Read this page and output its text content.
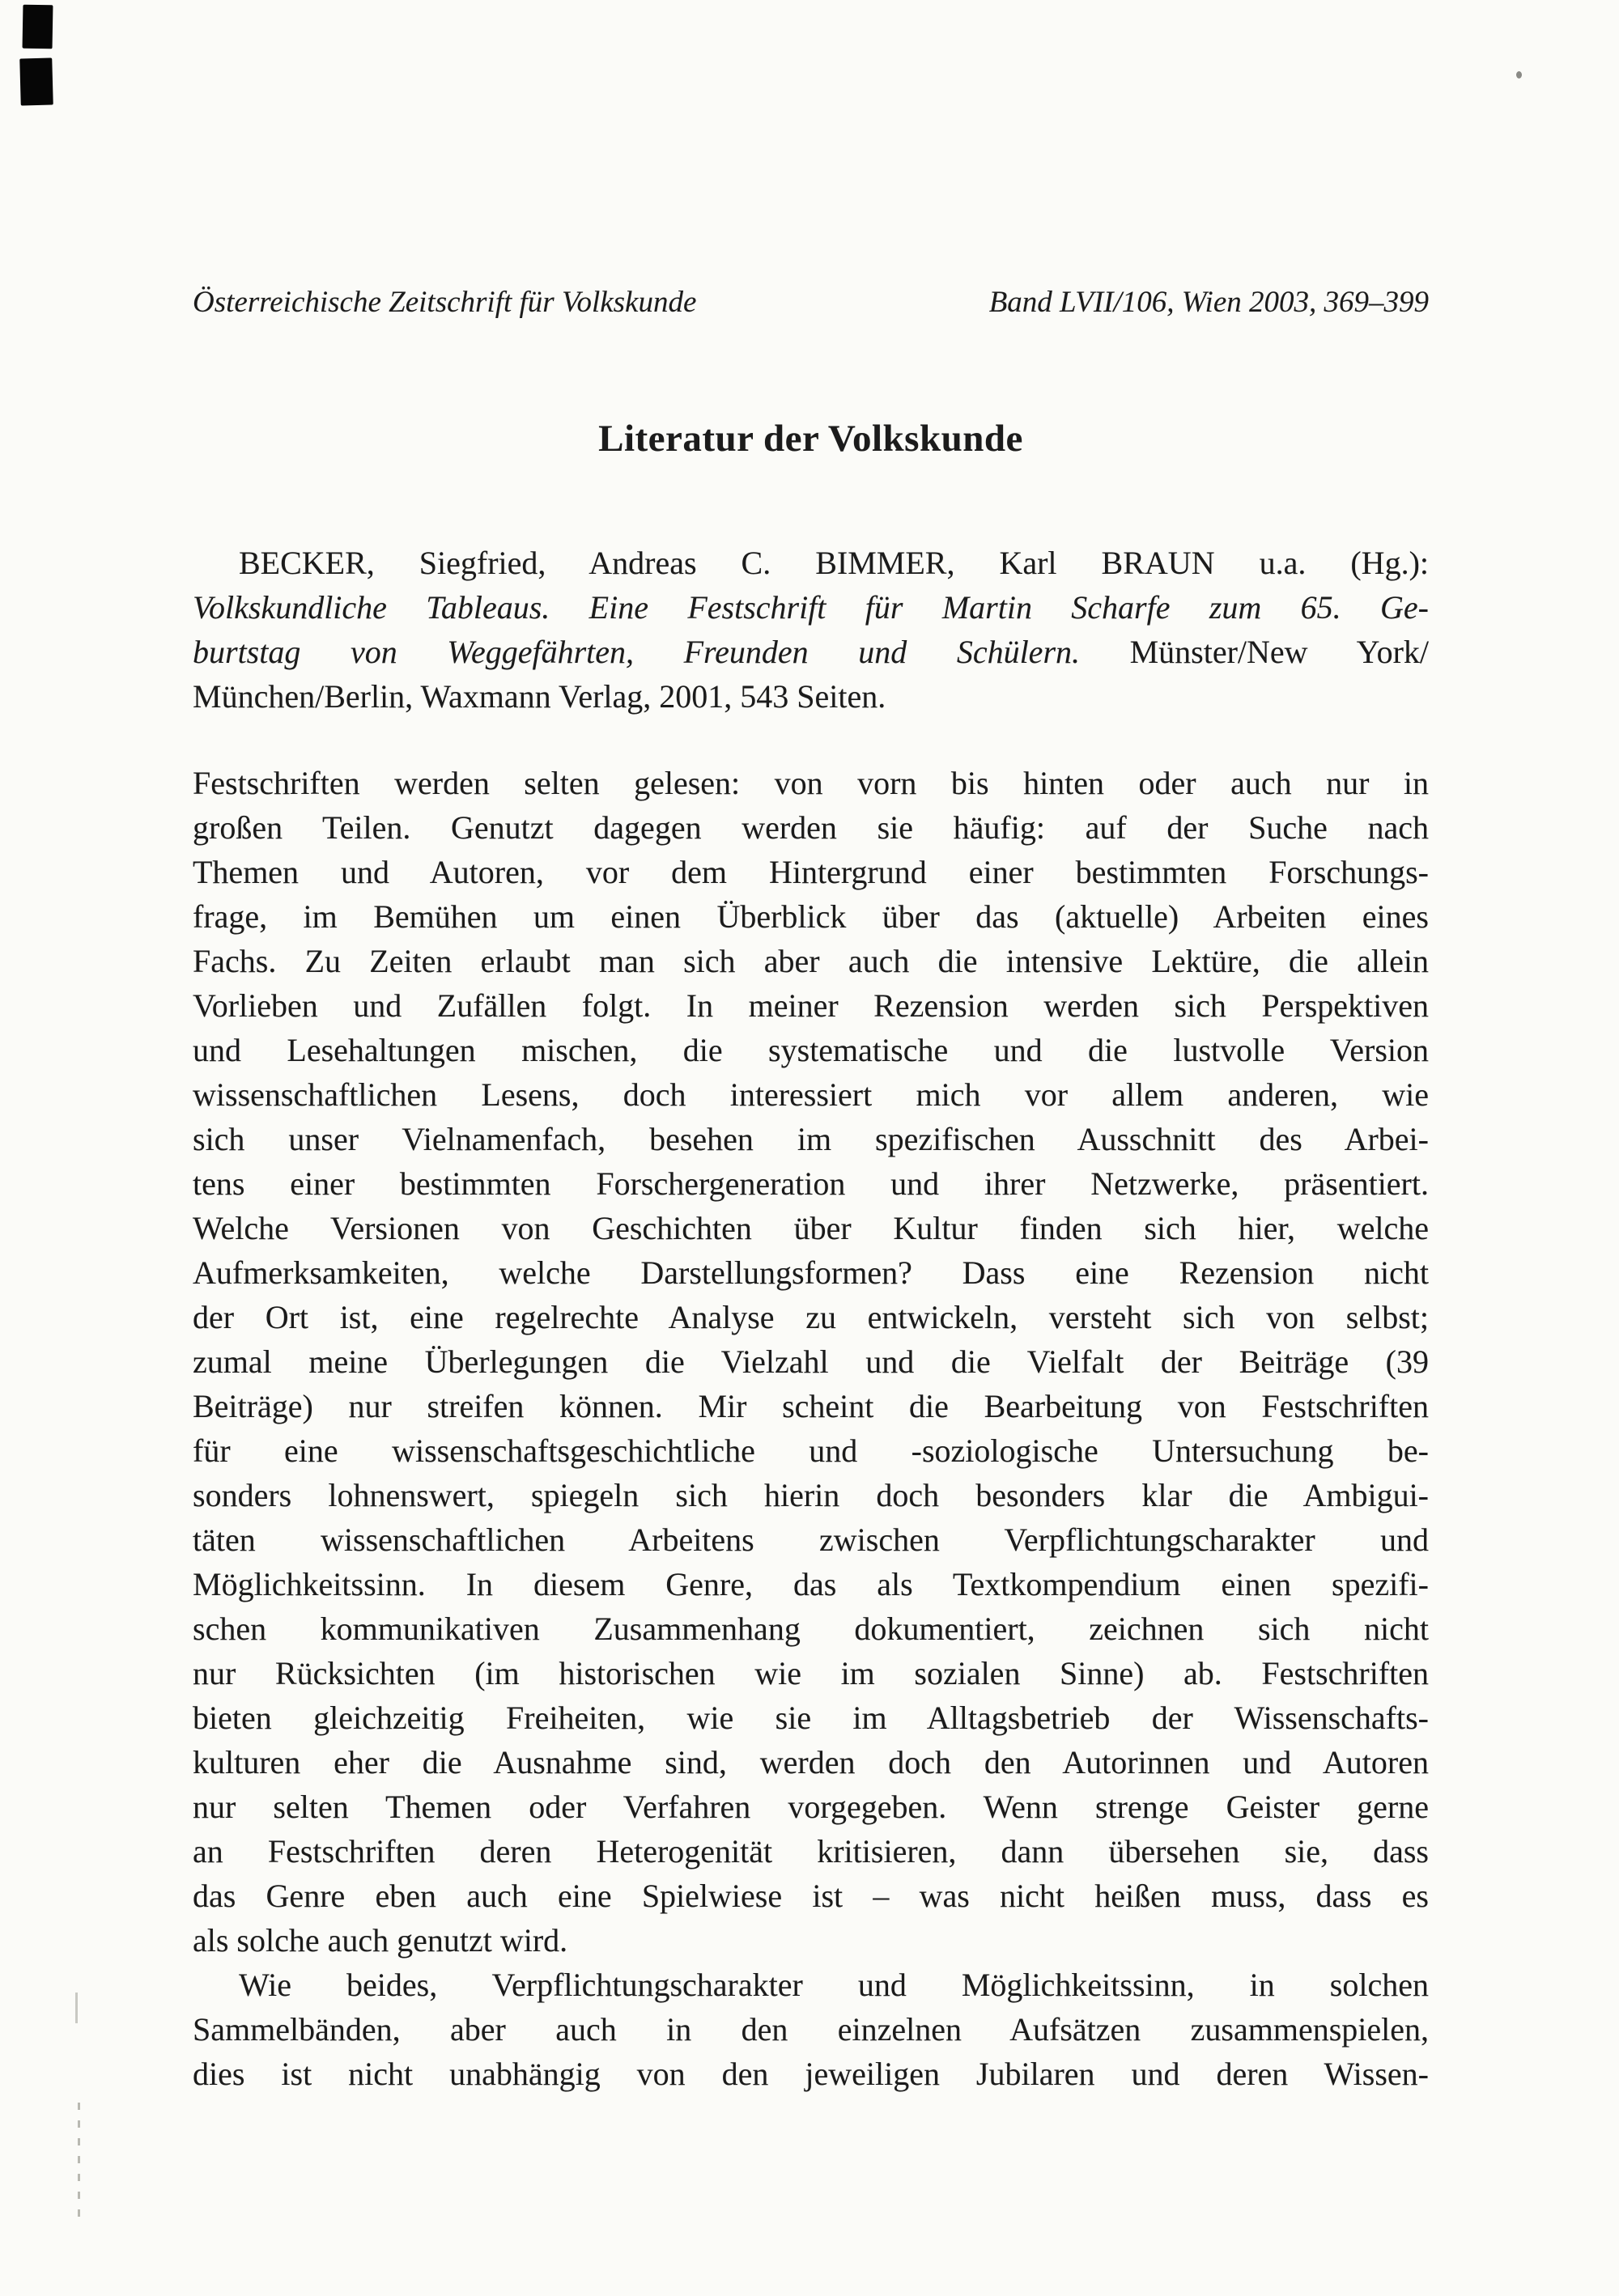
Österreichische Zeitschrift für Volkskunde	Band LVII/106, Wien 2003, 369–399
Literatur der Volkskunde
BECKER, Siegfried, Andreas C. BIMMER, Karl BRAUN u.a. (Hg.):
Volkskundliche Tableaus. Eine Festschrift für Martin Scharfe zum 65. Ge-
burtstag von Weggefährten, Freunden und Schülern. Münster/New York/
München/Berlin, Waxmann Verlag, 2001, 543 Seiten.
Festschriften werden selten gelesen: von vorn bis hinten oder auch nur in
großen Teilen. Genutzt dagegen werden sie häufig: auf der Suche nach
Themen und Autoren, vor dem Hintergrund einer bestimmten Forschungs-
frage, im Bemühen um einen Überblick über das (aktuelle) Arbeiten eines
Fachs. Zu Zeiten erlaubt man sich aber auch die intensive Lektüre, die allein
Vorlieben und Zufällen folgt. In meiner Rezension werden sich Perspektiven
und Lesehaltungen mischen, die systematische und die lustvolle Version
wissenschaftlichen Lesens, doch interessiert mich vor allem anderen, wie
sich unser Vielnamenfach, besehen im spezifischen Ausschnitt des Arbei-
tens einer bestimmten Forschergeneration und ihrer Netzwerke, präsentiert.
Welche Versionen von Geschichten über Kultur finden sich hier, welche
Aufmerksamkeiten, welche Darstellungsformen? Dass eine Rezension nicht
der Ort ist, eine regelrechte Analyse zu entwickeln, versteht sich von selbst;
zumal meine Überlegungen die Vielzahl und die Vielfalt der Beiträge (39
Beiträge) nur streifen können. Mir scheint die Bearbeitung von Festschriften
für eine wissenschaftsgeschichtliche und -soziologische Untersuchung be-
sonders lohnenswert, spiegeln sich hierin doch besonders klar die Ambigui-
täten wissenschaftlichen Arbeitens zwischen Verpflichtungscharakter und
Möglichkeitssinn. In diesem Genre, das als Textkompendium einen spezifi-
schen kommunikativen Zusammenhang dokumentiert, zeichnen sich nicht
nur Rücksichten (im historischen wie im sozialen Sinne) ab. Festschriften
bieten gleichzeitig Freiheiten, wie sie im Alltagsbetrieb der Wissenschafts-
kulturen eher die Ausnahme sind, werden doch den Autorinnen und Autoren
nur selten Themen oder Verfahren vorgegeben. Wenn strenge Geister gerne
an Festschriften deren Heterogenität kritisieren, dann übersehen sie, dass
das Genre eben auch eine Spielwiese ist – was nicht heißen muss, dass es
als solche auch genutzt wird.
Wie beides, Verpflichtungscharakter und Möglichkeitssinn, in solchen
Sammelbänden, aber auch in den einzelnen Aufsätzen zusammenspielen,
dies ist nicht unabhängig von den jeweiligen Jubilaren und deren Wissen-
